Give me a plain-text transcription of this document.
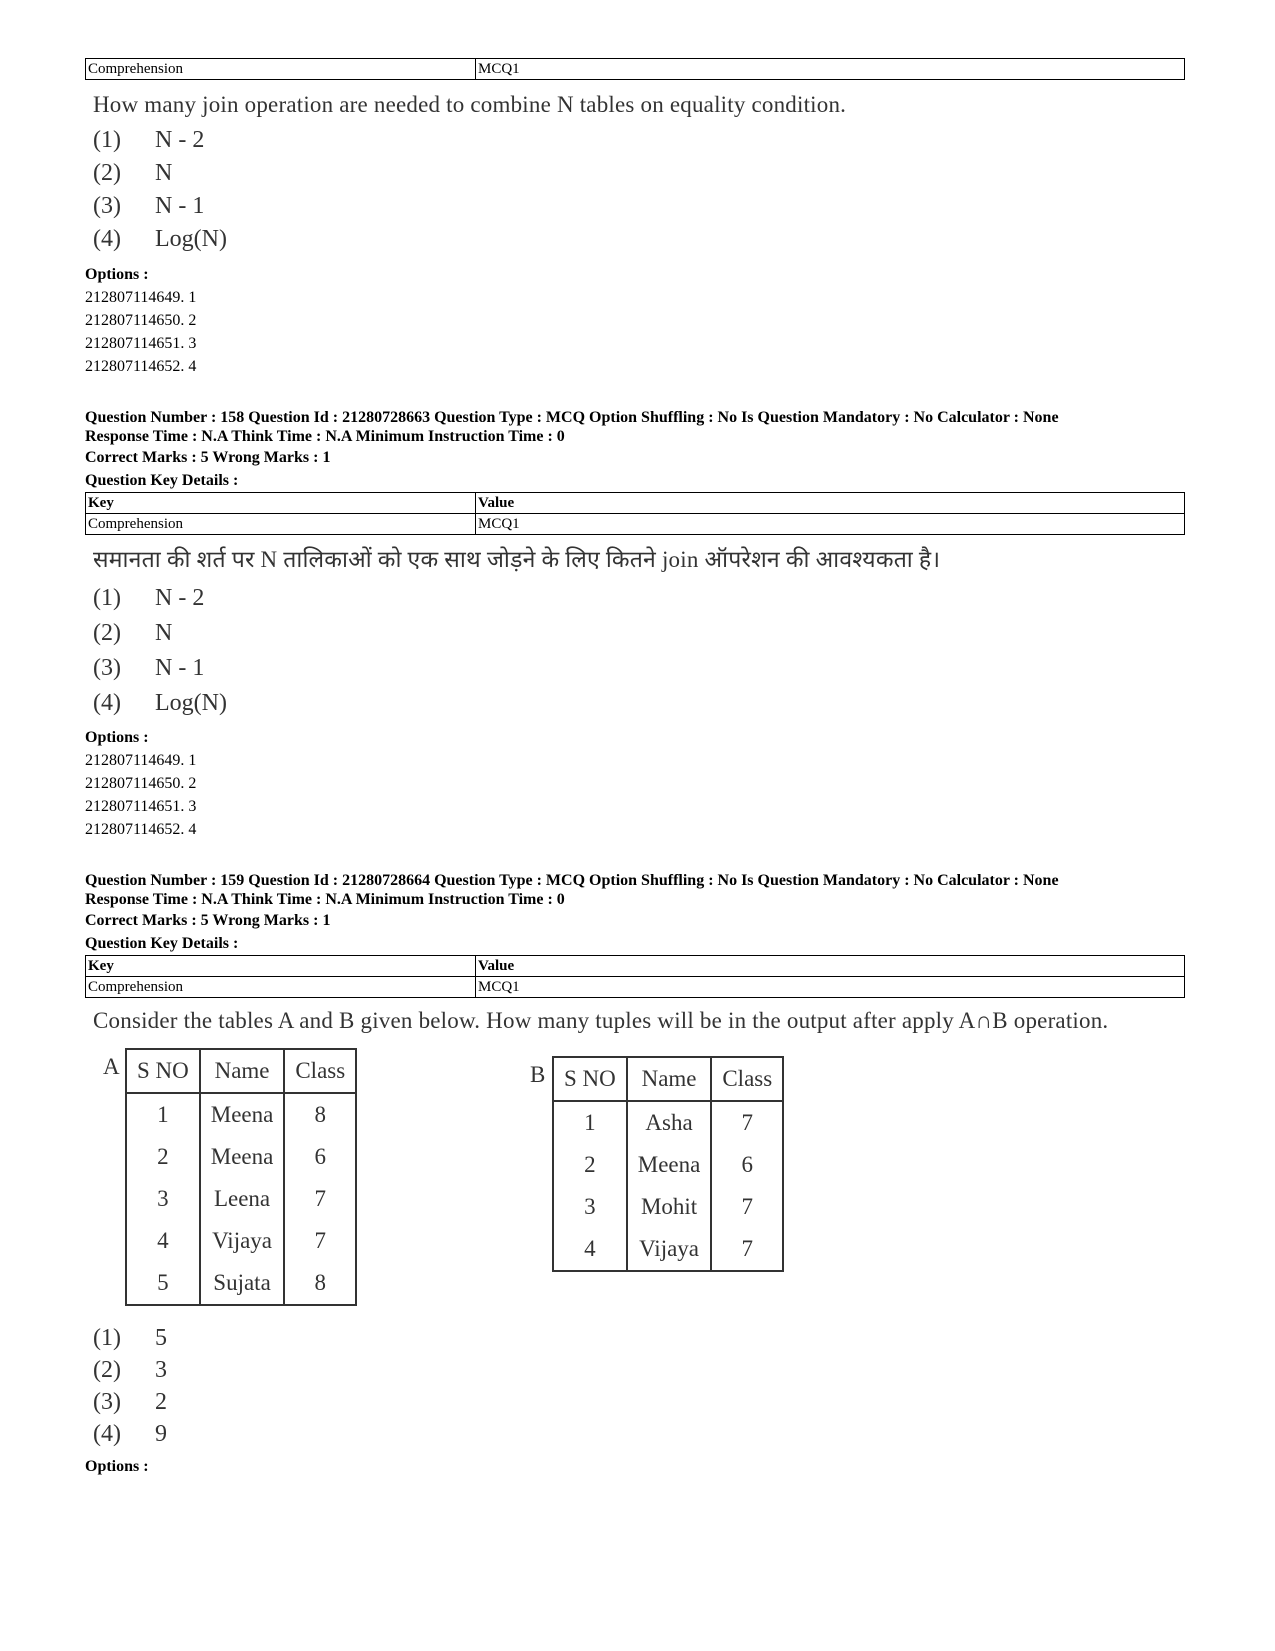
Comprehension	MCQ1
How many join operation are needed to combine N tables on equality condition.
(1)	N - 2
(2)	N
(3)	N - 1
(4)	Log(N)
Options :
212807114649. 1
212807114650. 2
212807114651. 3
212807114652. 4
Question Number : 158 Question Id : 21280728663 Question Type : MCQ Option Shuffling : No Is Question Mandatory : No Calculator : None
Response Time : N.A Think Time : N.A Minimum Instruction Time : 0
Correct Marks : 5 Wrong Marks : 1
Question Key Details :
Key	Value
Comprehension	MCQ1
समानता की शर्त पर N तालिकाओं को एक साथ जोड़ने के लिए कितने join ऑपरेशन की आवश्यकता है।
(1)	N - 2
(2)	N
(3)	N - 1
(4)	Log(N)
Options :
212807114649. 1
212807114650. 2
212807114651. 3
212807114652. 4
Question Number : 159 Question Id : 21280728664 Question Type : MCQ Option Shuffling : No Is Question Mandatory : No Calculator : None
Response Time : N.A Think Time : N.A Minimum Instruction Time : 0
Correct Marks : 5 Wrong Marks : 1
Question Key Details :
Key	Value
Comprehension	MCQ1
Consider the tables A and B given below. How many tuples will be in the output after apply A∩B operation.
A S NO	Name	Class
1	Meena	8
2	Meena	6
3	Leena	7
4	Vijaya	7
5	Sujata	8
B S NO	Name	Class
1	Asha	7
2	Meena	6
3	Mohit	7
4	Vijaya	7
(1)	5
(2)	3
(3)	2
(4)	9
Options :
